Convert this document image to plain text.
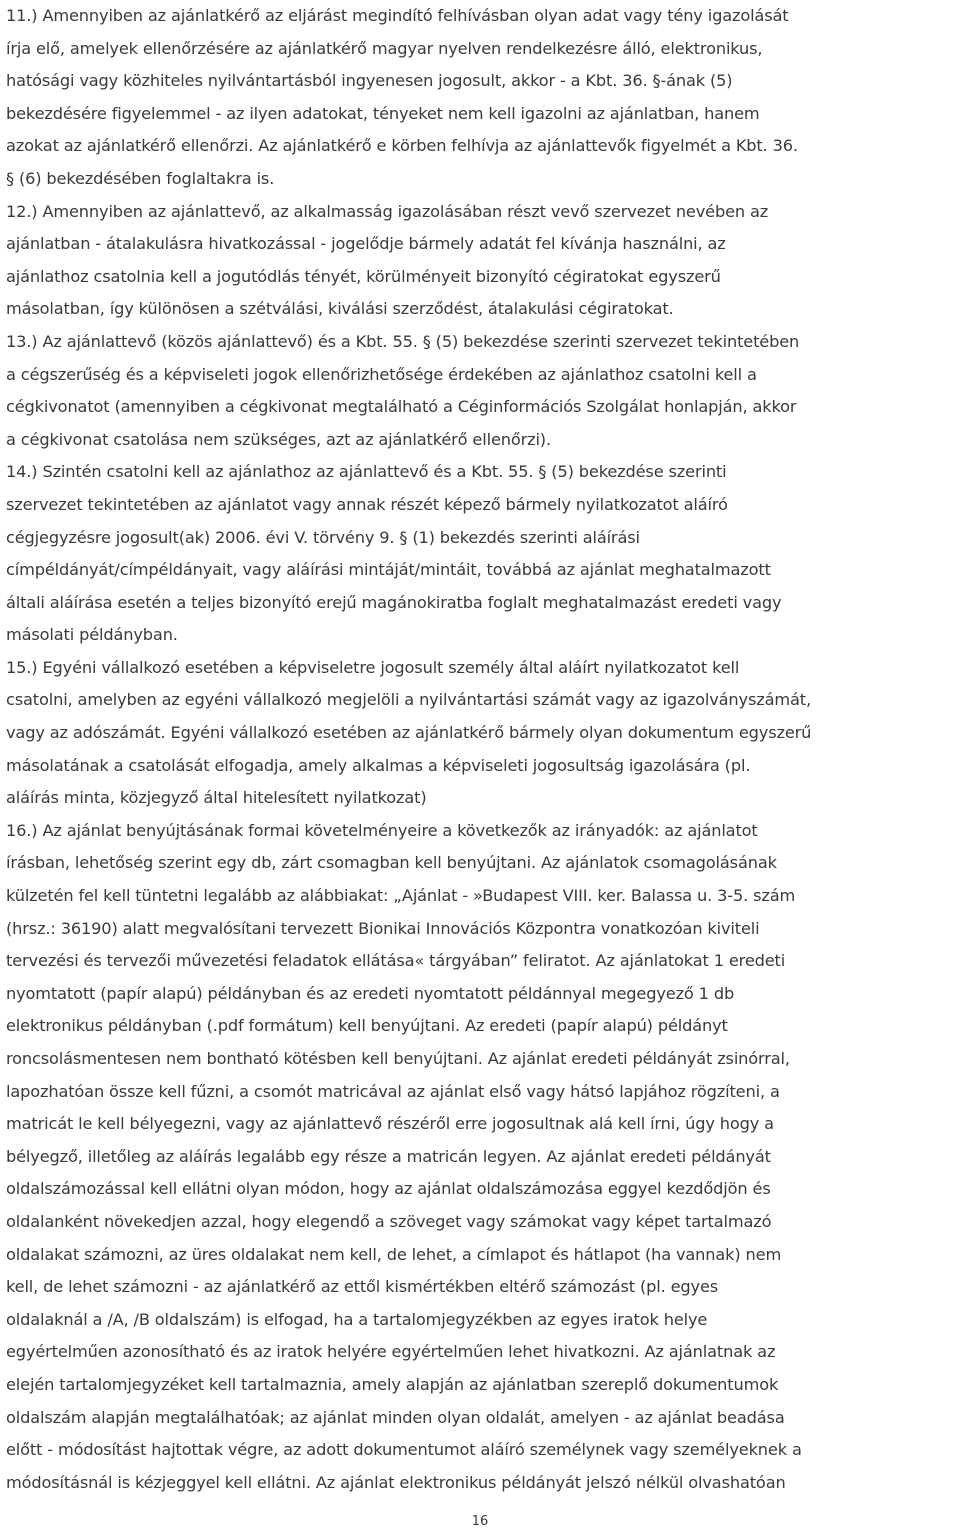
11.) Amennyiben az ajánlatkérő az eljárást megindító felhívásban olyan adat vagy tény igazolását
írja elő, amelyek ellenőrzésére az ajánlatkérő magyar nyelven rendelkezésre álló, elektronikus,
hatósági vagy közhiteles nyilvántartásból ingyenesen jogosult, akkor - a Kbt. 36. §-ának (5)
bekezdésére figyelemmel - az ilyen adatokat, tényeket nem kell igazolni az ajánlatban, hanem
azokat az ajánlatkérő ellenőrzi. Az ajánlatkérő e körben felhívja az ajánlattevők figyelmét a Kbt. 36.
§ (6) bekezdésében foglaltakra is.
12.) Amennyiben az ajánlattevő, az alkalmasság igazolásában részt vevő szervezet nevében az
ajánlatban - átalakulásra hivatkozással - jogelődje bármely adatát fel kívánja használni, az
ajánlathoz csatolnia kell a jogutódlás tényét, körülményeit bizonyító cégiratokat egyszerű
másolatban, így különösen a szétválási, kiválási szerződést, átalakulási cégiratokat.
13.) Az ajánlattevő (közös ajánlattevő) és a Kbt. 55. § (5) bekezdése szerinti szervezet tekintetében
a cégszerűség és a képviseleti jogok ellenőrizhetősége érdekében az ajánlathoz csatolni kell a
cégkivonatot (amennyiben a cégkivonat megtalálható a Céginformációs Szolgálat honlapján, akkor
a cégkivonat csatolása nem szükséges, azt az ajánlatkérő ellenőrzi).
14.) Szintén csatolni kell az ajánlathoz az ajánlattevő és a Kbt. 55. § (5) bekezdése szerinti
szervezet tekintetében az ajánlatot vagy annak részét képező bármely nyilatkozatot aláíró
cégjegyzésre jogosult(ak) 2006. évi V. törvény 9. § (1) bekezdés szerinti aláírási
címpéldányát/címpéldányait, vagy aláírási mintáját/mintáit, továbbá az ajánlat meghatalmazott
általi aláírása esetén a teljes bizonyító erejű magánokiratba foglalt meghatalmazást eredeti vagy
másolati példányban.
15.) Egyéni vállalkozó esetében a képviseletre jogosult személy által aláírt nyilatkozatot kell
csatolni, amelyben az egyéni vállalkozó megjelöli a nyilvántartási számát vagy az igazolványszámát,
vagy az adószámát. Egyéni vállalkozó esetében az ajánlatkérő bármely olyan dokumentum egyszerű
másolatának a csatolását elfogadja, amely alkalmas a képviseleti jogosultság igazolására (pl.
aláírás minta, közjegyző által hitelesített nyilatkozat)
16.) Az ajánlat benyújtásának formai követelményeire a következők az irányadók: az ajánlatot
írásban, lehetőség szerint egy db, zárt csomagban kell benyújtani. Az ajánlatok csomagolásának
külzetén fel kell tüntetni legalább az alábbiakat: „Ajánlat - »Budapest VIII. ker. Balassa u. 3-5. szám
(hrsz.: 36190) alatt megvalósítani tervezett Bionikai Innovációs Központra vonatkozóan kiviteli
tervezési és tervezői művezetési feladatok ellátása« tárgyában” feliratot. Az ajánlatokat 1 eredeti
nyomtatott (papír alapú) példányban és az eredeti nyomtatott példánnyal megegyező 1 db
elektronikus példányban (.pdf formátum) kell benyújtani. Az eredeti (papír alapú) példányt
roncsolásmentesen nem bontható kötésben kell benyújtani. Az ajánlat eredeti példányát zsinórral,
lapozhatóan össze kell fűzni, a csomót matricával az ajánlat első vagy hátsó lapjához rögzíteni, a
matricát le kell bélyegezni, vagy az ajánlattevő részéről erre jogosultnak alá kell írni, úgy hogy a
bélyegző, illetőleg az aláírás legalább egy része a matricán legyen. Az ajánlat eredeti példányát
oldalszámozással kell ellátni olyan módon, hogy az ajánlat oldalszámozása eggyel kezdődjön és
oldalanként növekedjen azzal, hogy elegendő a szöveget vagy számokat vagy képet tartalmazó
oldalakat számozni, az üres oldalakat nem kell, de lehet, a címlapot és hátlapot (ha vannak) nem
kell, de lehet számozni - az ajánlatkérő az ettől kismértékben eltérő számozást (pl. egyes
oldalaknál a /A, /B oldalszám) is elfogad, ha a tartalomjegyzékben az egyes iratok helye
egyértelműen azonosítható és az iratok helyére egyértelműen lehet hivatkozni. Az ajánlatnak az
elején tartalomjegyzéket kell tartalmaznia, amely alapján az ajánlatban szereplő dokumentumok
oldalszám alapján megtalálhatóak; az ajánlat minden olyan oldalát, amelyen - az ajánlat beadása
előtt - módosítást hajtottak végre, az adott dokumentumot aláíró személynek vagy személyeknek a
módosításnál is kézjeggyel kell ellátni. Az ajánlat elektronikus példányát jelszó nélkül olvashatóan
16
